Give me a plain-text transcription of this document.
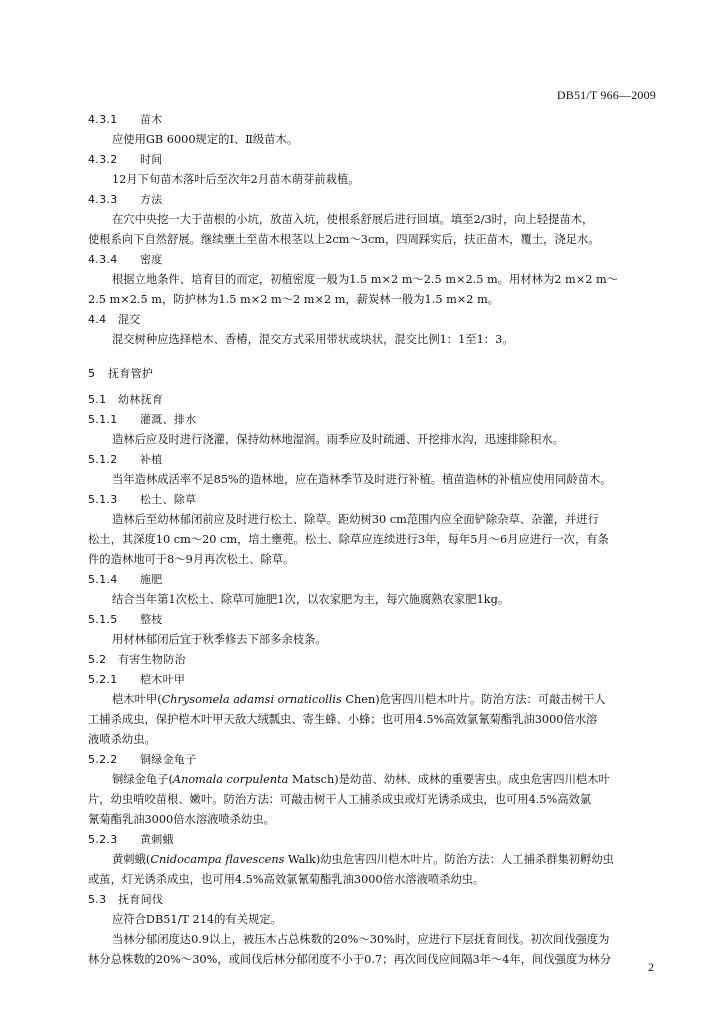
DB51/T 966—2009
4.3.1 苗木
应使用GB 6000规定的Ⅰ、Ⅱ级苗木。
4.3.2 时间
12月下旬苗木落叶后至次年2月苗木萌芽前栽植。
4.3.3 方法
在穴中央挖一大于苗根的小坑，放苗入坑，使根系舒展后进行回填。填至2/3时，向上轻提苗木，
使根系向下自然舒展。继续壅土至苗木根茎以上2cm～3cm，四周踩实后，扶正苗木，覆土，浇足水。
4.3.4 密度
根据立地条件、培育目的而定，初植密度一般为1.5 m×2 m～2.5 m×2.5 m。用材林为2 m×2 m～
2.5 m×2.5 m，防护林为1.5 m×2 m～2 m×2 m，薪炭林一般为1.5 m×2 m。
4.4 混交
混交树种应选择桤木、香椿，混交方式采用带状或块状，混交比例1：1至1：3。
5 抚育管护
5.1 幼林抚育
5.1.1 灌溉、排水
造林后应及时进行浇灌，保持幼林地湿润。雨季应及时疏通、开挖排水沟，迅速排除积水。
5.1.2 补植
当年造林成活率不足85%的造林地，应在造林季节及时进行补植。植苗造林的补植应使用同龄苗木。
5.1.3 松土、除草
造林后至幼林郁闭前应及时进行松土、除草。距幼树30 cm范围内应全面铲除杂草、杂灌，并进行
松土，其深度10 cm～20 cm，培土壅蔸。松土、除草应连续进行3年，每年5月～6月应进行一次，有条
件的造林地可于8～9月再次松土、除草。
5.1.4 施肥
结合当年第1次松土、除草可施肥1次，以农家肥为主，每穴施腐熟农家肥1kg。
5.1.5 整枝
用材林郁闭后宜于秋季修去下部多余枝条。
5.2 有害生物防治
5.2.1 桤木叶甲
桤木叶甲(Chrysomela adamsi ornaticollis Chen)危害四川桤木叶片。防治方法：可敲击树干人
工捕杀成虫，保护桤木叶甲天敌大绒瓢虫、寄生蜂、小蜂；也可用4.5%高效氯氰菊酯乳油3000倍水溶
液喷杀幼虫。
5.2.2 铜绿金龟子
铜绿金龟子(Anomala corpulenta Matsch)是幼苗、幼林、成林的重要害虫。成虫危害四川桤木叶
片，幼虫啃咬苗根、嫩叶。防治方法：可敲击树干人工捕杀成虫或灯光诱杀成虫，也可用4.5%高效氯
氰菊酯乳油3000倍水溶液喷杀幼虫。
5.2.3 黄刺蛾
黄刺蛾(Cnidocampa flavescens Walk)幼虫危害四川桤木叶片。防治方法：人工捕杀群集初孵幼虫
或茧，灯光诱杀成虫，也可用4.5%高效氯氰菊酯乳油3000倍水溶液喷杀幼虫。
5.3 抚育间伐
应符合DB51/T 214的有关规定。
当林分郁闭度达0.9以上，被压木占总株数的20%～30%时，应进行下层抚育间伐。初次间伐强度为
林分总株数的20%～30%，或间伐后林分郁闭度不小于0.7；再次间伐应间隔3年～4年，间伐强度为林分
2
